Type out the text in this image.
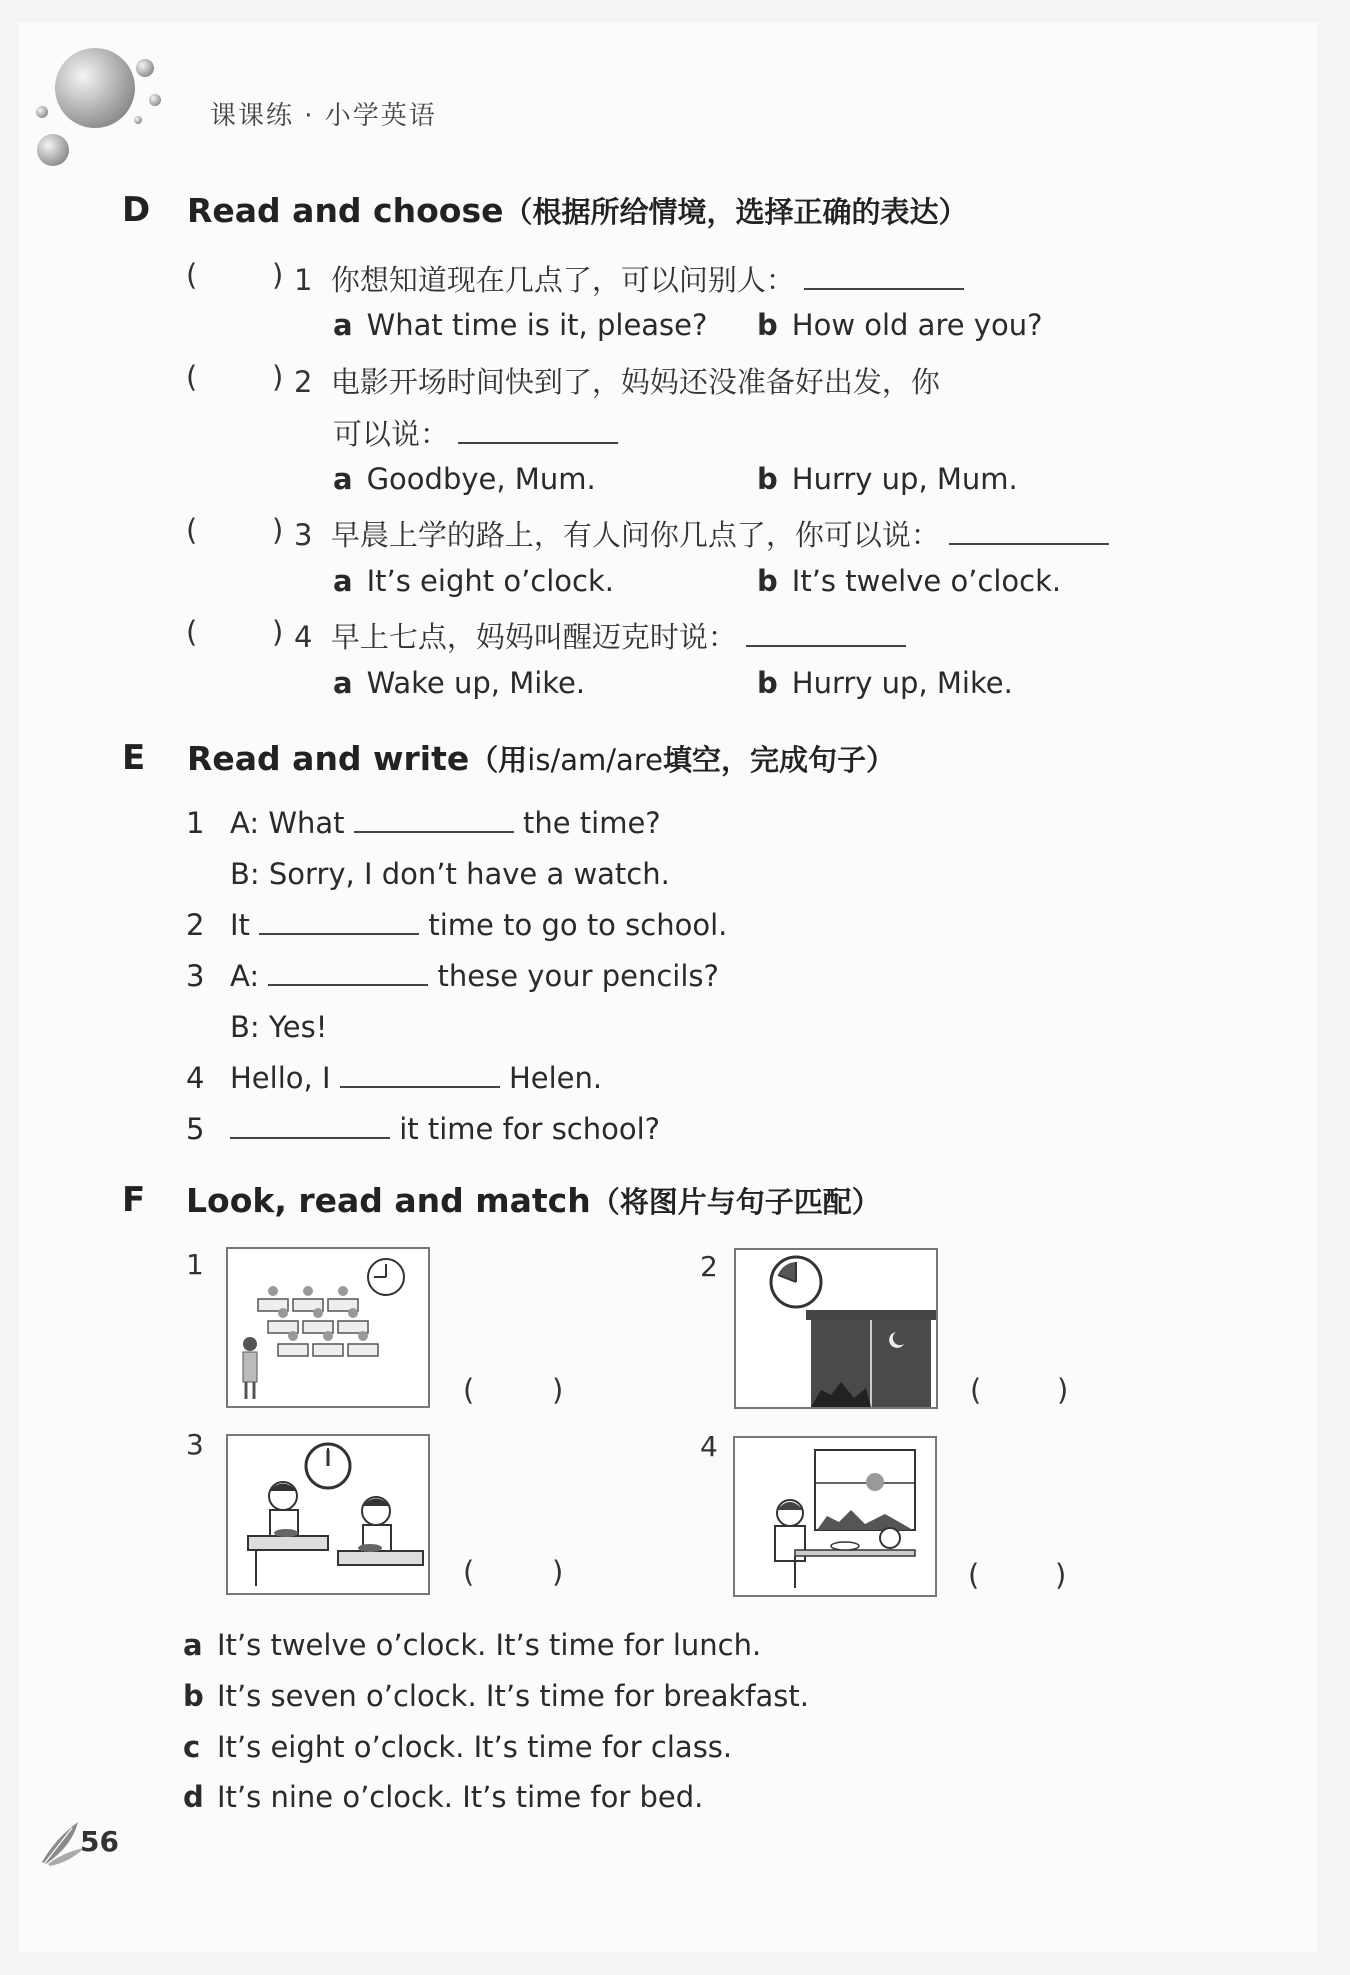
课课练 · 小学英语
D Read and choose（根据所给情境，选择正确的表达）
(	) 1 你想知道现在几点了，可以问别人：
a What time is it, please? b How old are you?
(	) 2 电影开场时间快到了，妈妈还没准备好出发，你
可以说：
a Goodbye, Mum.	b Hurry up, Mum.
(	) 3 早晨上学的路上，有人问你几点了，你可以说：
a It’s eight o’clock.	b It’s twelve o’clock.
(	) 4 早上七点，妈妈叫醒迈克时说：
a Wake up, Mike.	b Hurry up, Mike.
E Read and write（用is/am/are填空，完成句子）
1 A: What	the time?
B: Sorry, I don’t have a watch.
2 It	time to go to school.
3 A:	these your pencils?
B: Yes!
4 Hello, I	Helen.
5	it time for school?
F Look, read and match（将图片与句子匹配）
1
(	)
2
(	)
3
(	)
4
(	)
a It’s twelve o’clock. It’s time for lunch.
b It’s seven o’clock. It’s time for breakfast.
c It’s eight o’clock. It’s time for class.
d It’s nine o’clock. It’s time for bed.
56
